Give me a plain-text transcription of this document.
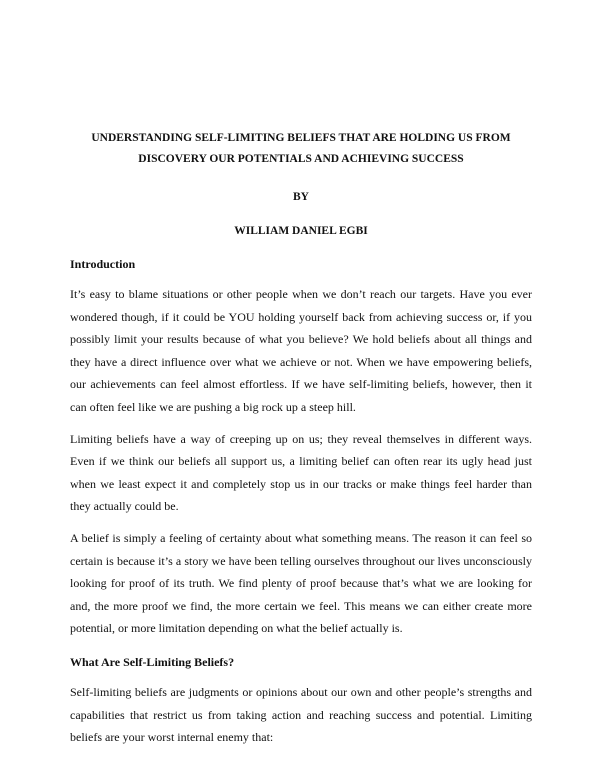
UNDERSTANDING SELF-LIMITING BELIEFS THAT ARE HOLDING US FROM
DISCOVERY OUR POTENTIALS AND ACHIEVING SUCCESS

BY

WILLIAM DANIEL EGBI

Introduction

It’s easy to blame situations or other people when we don’t reach our targets. Have you ever wondered though, if it could be YOU holding yourself back from achieving success or, if you possibly limit your results because of what you believe? We hold beliefs about all things and they have a direct influence over what we achieve or not. When we have empowering beliefs, our achievements can feel almost effortless. If we have self-limiting beliefs, however, then it can often feel like we are pushing a big rock up a steep hill.

Limiting beliefs have a way of creeping up on us; they reveal themselves in different ways. Even if we think our beliefs all support us, a limiting belief can often rear its ugly head just when we least expect it and completely stop us in our tracks or make things feel harder than they actually could be.

A belief is simply a feeling of certainty about what something means. The reason it can feel so certain is because it’s a story we have been telling ourselves throughout our lives unconsciously looking for proof of its truth. We find plenty of proof because that’s what we are looking for and, the more proof we find, the more certain we feel. This means we can either create more potential, or more limitation depending on what the belief actually is.

What Are Self-Limiting Beliefs?

Self-limiting beliefs are judgments or opinions about our own and other people’s strengths and capabilities that restrict us from taking action and reaching success and potential. Limiting beliefs are your worst internal enemy that:
